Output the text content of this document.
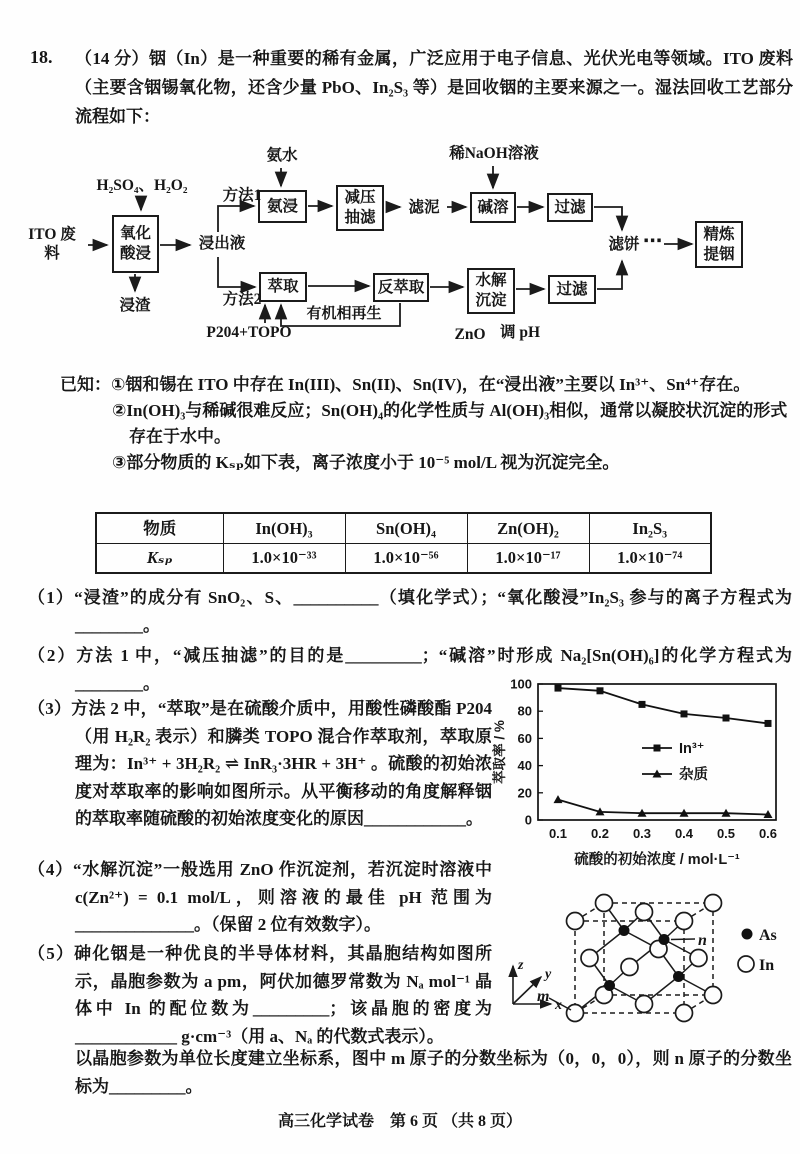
18. （14 分）铟（In）是一种重要的稀有金属，广泛应用于电子信息、光伏光电等领域。ITO 废料（主要含铟锡氧化物，还含少量 PbO、In₂S₃ 等）是回收铟的主要来源之一。湿法回收工艺部分流程如下：
氧化酸浸
氨浸	减压抽滤
碱溶	过滤
精炼提铟
萃取	反萃取	水解沉淀
过滤
ITO 废料
H₂SO₄、H₂O₂
浸出液
浸渣
方法1
方法2
氨水	稀NaOH溶液
滤泥
有机相再生
P204+TOPO	ZnO 调 pH
滤饼 ⋯
已知：①铟和锡在 ITO 中存在 In(III)、Sn(II)、Sn(IV)，在“浸出液”主要以 In³⁺、Sn⁴⁺存在。
②In(OH)₃与稀碱很难反应；Sn(OH)₄的化学性质与 Al(OH)₃相似，通常以凝胶状沉淀的形式存在于水中。
③部分物质的 Kₛₚ如下表，离子浓度小于 10⁻⁵ mol/L 视为沉淀完全。
物质	In(OH)₃	Sn(OH)₄	Zn(OH)₂	In₂S₃
Kₛₚ	1.0×10⁻³³	1.0×10⁻⁵⁶	1.0×10⁻¹⁷	1.0×10⁻⁷⁴
（1）“浸渣”的成分有 SnO₂、S、__________（填化学式）；“氧化酸浸”In₂S₃ 参与的离子方程式为________。
（2）方法 1 中，“减压抽滤”的目的是_________；“碱溶”时形成 Na₂[Sn(OH)₆]的化学方程式为________。
（3）方法 2 中，“萃取”是在硫酸介质中，用酸性磷酸酯 P204（用 H₂R₂ 表示）和膦类 TOPO 混合作萃取剂，萃取原理为：In³⁺ + 3H₂R₂ ⇌ InR₃·3HR + 3H⁺ 。硫酸的初始浓度对萃取率的影响如图所示。从平衡移动的角度解释铟的萃取率随硫酸的初始浓度变化的原因____________。
（4）“水解沉淀”一般选用 ZnO 作沉淀剂，若沉淀时溶液中 c(Zn²⁺) = 0.1 mol/L，则溶液的最佳 pH 范围为______________。（保留 2 位有效数字）。
（5）砷化铟是一种优良的半导体材料，其晶胞结构如图所示，晶胞参数为 a pm，阿伏加德罗常数为 Nₐ mol⁻¹ 晶体中 In 的配位数为_________；该晶胞的密度为____________ g·cm⁻³（用 a、Nₐ 的代数式表示）。
以晶胞参数为单位长度建立坐标系，图中 m 原子的分数坐标为（0，0，0），则 n 原子的分数坐标为_________。
0
20
40
60
80
100
0.1 0.2 0.3 0.4 0.5 0.6
In³⁺
杂质
萃取率 / %
硫酸的初始浓度 / mol·L⁻¹
m
n
z
y
x
As
In
高三化学试卷　第 6 页 （共 8 页）
